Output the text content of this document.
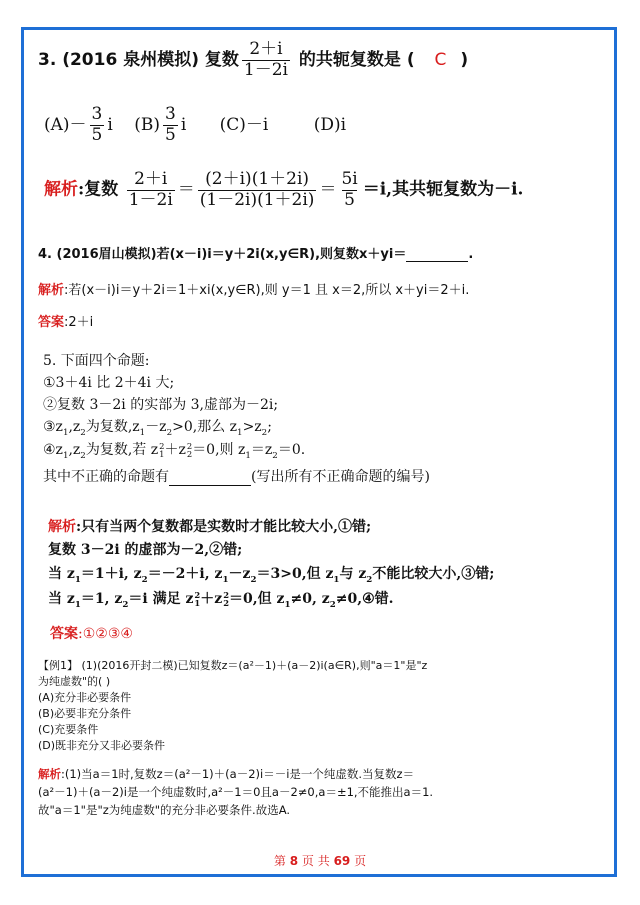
3. (2016 泉州模拟) 复数 $\frac{2+i}{1-2i}$ 的共轭复数是 ( C )
$(A)- \frac{3}{5}$ i $(B) \frac{3}{5}$ i (C)－i	(D)i
解析:复数 $\frac{2+i}{1-2i} = \frac{(2+i)(1+2i)}{(1-2i)(1+2i)} = \frac{5i}{5} =i$,其共轭复数为－i.
4. (2016眉山模拟)若(x－i)i＝y＋2i(x,y∈R),则复数x＋yi＝	.
解析:若(x－i)i＝y＋2i＝1＋xi(x,y∈R),则 y＝1 且 x＝2,所以 x＋yi＝2＋i.
答案:2＋i
5. 下面四个命题:
①3＋4i 比 2＋4i 大;
②复数 3－2i 的实部为 3,虚部为－2i;
$③z_1,z_2$为复数$,z_1-z_2>0$,那么 $z_1>z_2$;
$④z_1,z_2$为复数,若 z 2
1 ＋z 2
2 ＝0,则 $z_1=z_2=0$.
其中不正确的命题有	(写出所有不正确命题的编号)
解析:只有当两个复数都是实数时才能比较大小,①错;
复数 3－2i 的虚部为－2,②错;
当 $z_1=1+i$, $z_2=-2+i$, $z_1-z_2=3>0$,但 $z_1$与 $z_2$不能比较大小,③错;
当 $z_1=1$, $z_2=i$ 满足 z 2
1 ＋z 2
2 ＝0,但 $z_1\ne 0$, $z_2\ne 0,④$错.
答案:①②③④
【例1】 (1)(2016开封二模)已知复数z＝(a²－1)＋(a－2)i(a∈R),则"a＝1"是"z
为纯虚数"的( )
(A)充分非必要条件
(B)必要非充分条件
(C)充要条件
(D)既非充分又非必要条件
解析:(1)当a＝1时,复数z＝(a²－1)＋(a－2)i＝－i是一个纯虚数.当复数z＝
(a²－1)＋(a－2)i是一个纯虚数时,a²－1＝0且a－2≠0,a＝±1,不能推出a＝1.
故"a＝1"是"z为纯虚数"的充分非必要条件.故选A.
第 8 页 共 69 页
